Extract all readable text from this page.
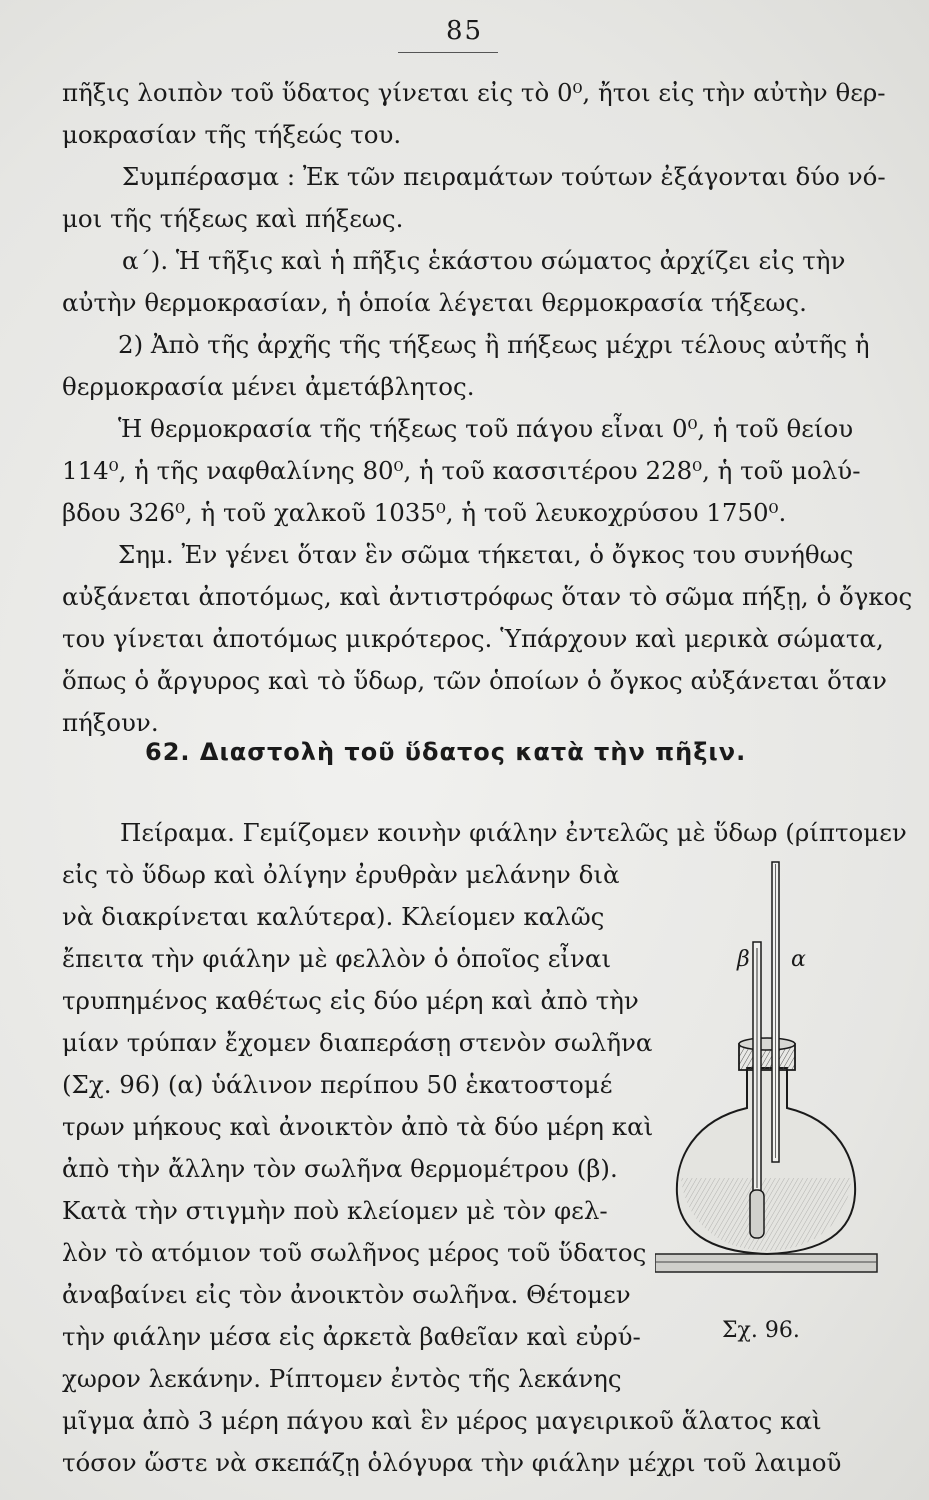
85
πῆξις λοιπὸν τοῦ ὕδατος γίνεται εἰς τὸ 0⁰, ἤτοι εἰς τὴν αὐτὴν θερ-
μοκρασίαν τῆς τήξεώς του.
Συμπέρασμα : Ἐκ τῶν πειραμάτων τούτων ἐξάγονται δύο νό-
μοι τῆς τήξεως καὶ πήξεως.
α΄). Ἡ τῆξις καὶ ἡ πῆξις ἑκάστου σώματος ἀρχίζει εἰς τὴν
αὐτὴν θερμοκρασίαν, ἡ ὁποία λέγεται θερμοκρασία τήξεως.
2) Ἀπὸ τῆς ἀρχῆς τῆς τήξεως ἢ πήξεως μέχρι τέλους αὐτῆς ἡ
θερμοκρασία μένει ἀμετάβλητος.
Ἡ θερμοκρασία τῆς τήξεως τοῦ πάγου εἶναι 0⁰, ἡ τοῦ θείου
114⁰, ἡ τῆς ναφθαλίνης 80⁰, ἡ τοῦ κασσιτέρου 228⁰, ἡ τοῦ μολύ-
βδου 326⁰, ἡ τοῦ χαλκοῦ 1035⁰, ἡ τοῦ λευκοχρύσου 1750⁰.
Σημ. Ἐν γένει ὅταν ἓν σῶμα τήκεται, ὁ ὄγκος του συνήθως
αὐξάνεται ἀποτόμως, καὶ ἀντιστρόφως ὅταν τὸ σῶμα πήξῃ, ὁ ὄγκος
του γίνεται ἀποτόμως μικρότερος. Ὑπάρχουν καὶ μερικὰ σώματα,
ὅπως ὁ ἄργυρος καὶ τὸ ὕδωρ, τῶν ὁποίων ὁ ὄγκος αὐξάνεται ὅταν
πήξουν.
62. Διαστολὴ τοῦ ὕδατος κατὰ τὴν πῆξιν.
Πείραμα. Γεμίζομεν κοινὴν φιάλην ἐντελῶς μὲ ὕδωρ (ρίπτομεν
εἰς τὸ ὕδωρ καὶ ὀλίγην ἐρυθρὰν μελάνην διὰ
νὰ διακρίνεται καλύτερα). Κλείομεν καλῶς
ἔπειτα τὴν φιάλην μὲ φελλὸν ὁ ὁποῖος εἶναι
τρυπημένος καθέτως εἰς δύο μέρη καὶ ἀπὸ τὴν
μίαν τρύπαν ἔχομεν διαπεράσῃ στενὸν σωλῆνα
(Σχ. 96) (α) ὑάλινον περίπου 50 ἑκατοστομέ
τρων μήκους καὶ ἀνοικτὸν ἀπὸ τὰ δύο μέρη καὶ
ἀπὸ τὴν ἄλλην τὸν σωλῆνα θερμομέτρου (β).
Κατὰ τὴν στιγμὴν ποὺ κλείομεν μὲ τὸν φελ-
λὸν τὸ ατόμιον τοῦ σωλῆνος μέρος τοῦ ὕδατος
ἀναβαίνει εἰς τὸν ἀνοικτὸν σωλῆνα. Θέτομεν
τὴν φιάλην μέσα εἰς ἀρκετὰ βαθεῖαν καὶ εὐρύ-
χωρον λεκάνην. Ρίπτομεν ἐντὸς τῆς λεκάνης
μῖγμα ἀπὸ 3 μέρη πάγου καὶ ἓν μέρος μαγειρικοῦ ἅλατος καὶ
τόσον ὥστε νὰ σκεπάζῃ ὁλόγυρα τὴν φιάλην μέχρι τοῦ λαιμοῦ
β α
Σχ. 96.
